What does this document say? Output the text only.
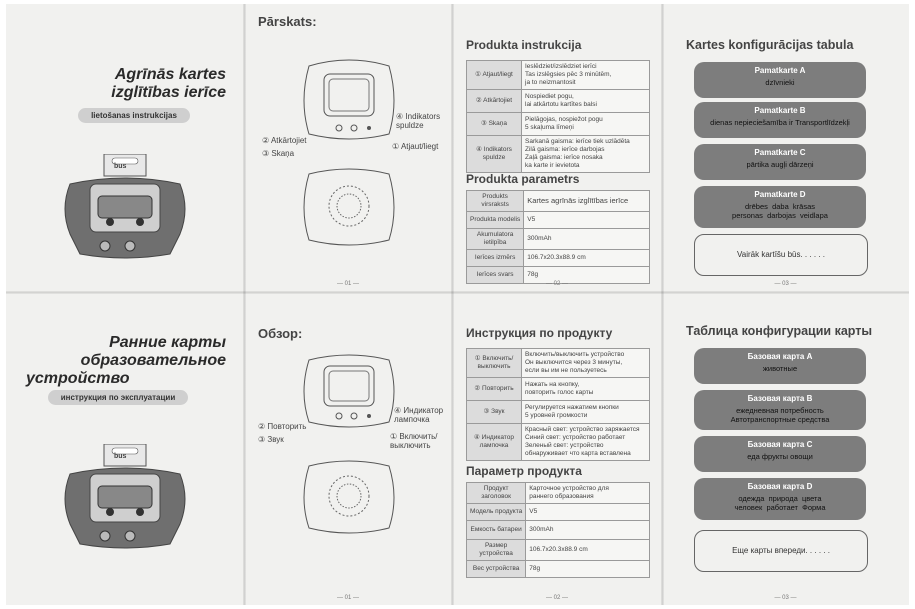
Agrīnās kartes
izglītības ierīce
lietošanas instrukcijas
bus
Pārskats:
② Atkārtojiet
③ Skaņa
④ Indikators
spuldze
① Atjaut/liegt
— 01 —
Produkta instrukcija
① Atjaut/liegt	Ieslēdziet/izslēdziet ierīci
Tas izslēgsies pēc 3 minūtēm,
ja to neizmantosit
② Atkārtojiet	Nospiediet pogu,
lai atkārtotu kartītes balsi
③ Skaņa	Pielāgojas, nospiežot pogu
5 skaļuma līmeņi
④ Indikators
spuldze	Sarkanā gaisma: ierīce tiek uzlādēta
Zilā gaisma: ierīce darbojas
Zaļā gaisma: ierīce nosaka
ka karte ir ievietota
Produkta parametrs
Produkts
virsraksts	Kartes agrīnās izglītības ierīce
Produkta modelis	V5
Akumulatora
ietilpība	300mAh
Ierīces izmērs	106.7x20.3x88.9 cm
Ierīces svars	78g
— 02 —
Kartes konfigurācijas tabula
Pamatkarte A
dzīvnieki
Pamatkarte B
dienas nepieciešamība ir Transportlīdzekļi
Pamatkarte C
pārtika augļi dārzeņi
Pamatkarte D
drēbes  daba  krāsas
personas  darbojas  veidlapa
Vairāk kartīšu būs. . . . . .
— 03 —
Ранние карты
образовательное
устройство
инструкция по эксплуатации
bus
Обзор:
② Повторить
③ Звук
④ Индикатор
лампочка
① Включить/
выключить
— 01 —
Инструкция по продукту
① Включить/
выключить	Включить/выключить устройство
Он выключится через 3 минуты,
если вы им не пользуетесь
② Повторить	Нажать на кнопку,
повторить голос карты
③ Звук	Регулируется нажатием кнопки
5 уровней громкости
④ Индикатор
лампочка	Красный свет: устройство заряжается
Синий свет: устройство работает
Зеленый свет: устройство
обнаруживает что карта вставлена
Параметр продукта
Продукт
заголовок	Карточное устройство для
раннего образования
Модель продукта	V5
Емкость батареи	300mAh
Размер
устройства	106.7x20.3x88.9 cm
Вес устройства	78g
— 02 —
Таблица конфигурации карты
Базовая карта A
животные
Базовая карта B
ежедневная потребность
Автотранспортные средства
Базовая карта C
еда фрукты овощи
Базовая карта D
одежда  природа  цвета
человек  работает  Форма
Еще карты впереди. . . . . .
— 03 —
